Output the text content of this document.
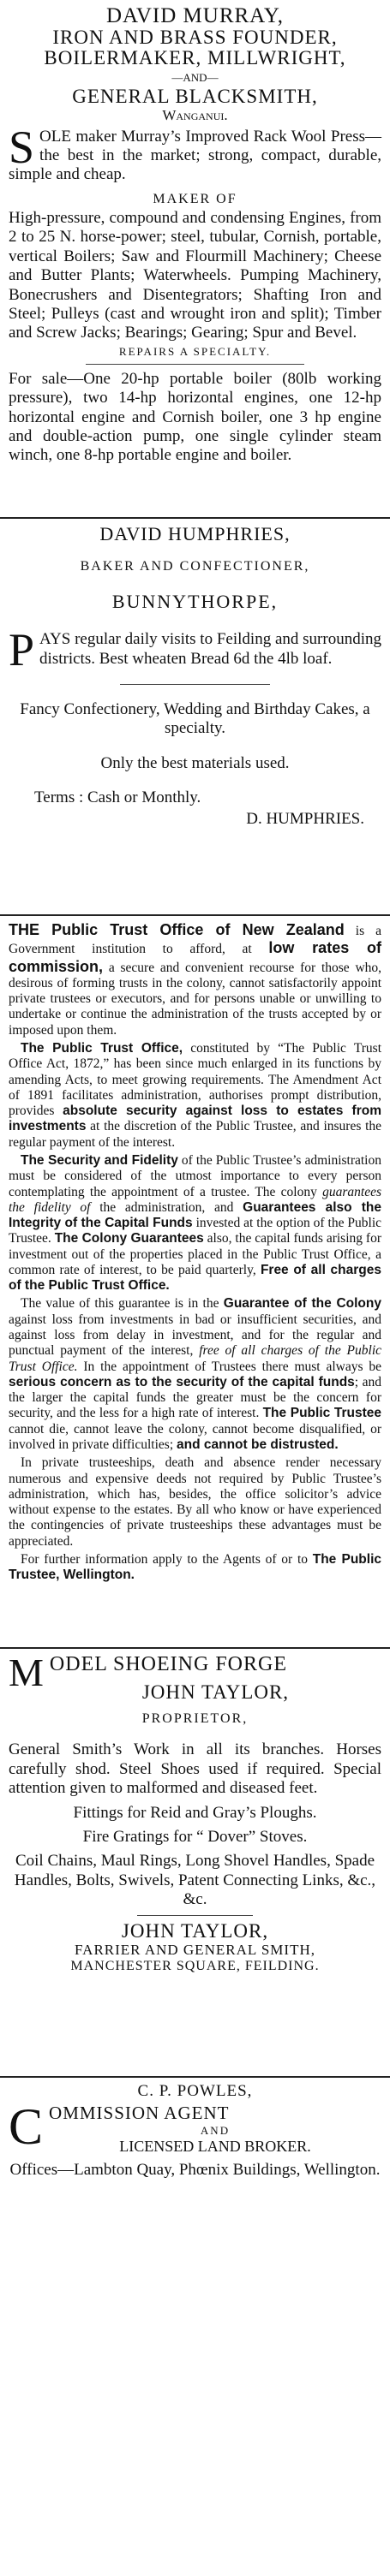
DAVID MURRAY,
IRON AND BRASS FOUNDER,
BOILERMAKER, MILLWRIGHT,
—AND—
GENERAL BLACKSMITH,
Wanganui.
SOLE maker Murray’s Improved Rack Wool Press—the best in the market; strong, compact, durable, simple and cheap.
MAKER OF
High-pressure, compound and condensing Engines, from 2 to 25 N. horse-power; steel, tubular, Cornish, portable, vertical Boilers; Saw and Flourmill Machinery; Cheese and Butter Plants; Waterwheels. Pumping Machinery, Bonecrushers and Disentegrators; Shafting Iron and Steel; Pulleys (cast and wrought iron and split); Timber and Screw Jacks; Bearings; Gearing; Spur and Bevel.
REPAIRS A SPECIALTY.
For sale—One 20-hp portable boiler (80lb working pressure), two 14-hp horizontal engines, one 12-hp horizontal engine and Cornish boiler, one 3 hp engine and double-action pump, one single cylinder steam winch, one 8-hp portable engine and boiler.
DAVID HUMPHRIES,
BAKER AND CONFECTIONER,
BUNNYTHORPE,
PAYS regular daily visits to Feilding and surrounding districts. Best wheaten Bread 6d the 4lb loaf.
Fancy Confectionery, Wedding and Birthday Cakes, a specialty.
Only the best materials used.
Terms : Cash or Monthly.
D. HUMPHRIES.

THE Public Trust Office of New Zealand is a Government institution to afford, at low rates of commission, a secure and convenient recourse for those who, desirous of forming trusts in the colony, cannot satisfactorily appoint private trustees or executors, and for persons unable or unwilling to undertake or continue the administration of the trusts accepted by or imposed upon them.

The Public Trust Office, constituted by “The Public Trust Office Act, 1872,” has been since much enlarged in its functions by amending Acts, to meet growing requirements. The Amendment Act of 1891 facilitates administration, authorises prompt distribution, provides absolute security against loss to estates from investments at the discretion of the Public Trustee, and insures the regular payment of the interest.

The Security and Fidelity of the Public Trustee’s administration must be considered of the utmost importance to every person contemplating the appointment of a trustee. The colony guarantees the fidelity of the administration, and Guarantees also the Integrity of the Capital Funds invested at the option of the Public Trustee. The Colony Guarantees also, the capital funds arising for investment out of the properties placed in the Public Trust Office, a common rate of interest, to be paid quarterly, Free of all charges of the Public Trust Office.

The value of this guarantee is in the Guarantee of the Colony against loss from investments in bad or insufficient securities, and against loss from delay in investment, and for the regular and punctual payment of the interest, free of all charges of the Public Trust Office. In the appointment of Trustees there must always be serious concern as to the security of the capital funds; and the larger the capital funds the greater must be the concern for security, and the less for a high rate of interest. The Public Trustee cannot die, cannot leave the colony, cannot become disqualified, or involved in private difficulties; and cannot be distrusted.

In private trusteeships, death and absence render necessary numerous and expensive deeds not required by Public Trustee’s administration, which has, besides, the office solicitor’s advice without expense to the estates. By all who know or have experienced the contingencies of private trusteeships these advantages must be appreciated.

For further information apply to the Agents of or to The Public Trustee, Wellington.

MODEL SHOEING FORGE
JOHN TAYLOR,
PROPRIETOR,
General Smith’s Work in all its branches. Horses carefully shod. Steel Shoes used if required. Special attention given to malformed and diseased feet.
Fittings for Reid and Gray’s Ploughs.
Fire Gratings for “ Dover” Stoves.
Coil Chains, Maul Rings, Long Shovel Handles, Spade Handles, Bolts, Swivels, Patent Connecting Links, &c., &c.
JOHN TAYLOR,
FARRIER AND GENERAL SMITH,
MANCHESTER SQUARE, FEILDING.
C. P. POWLES,
COMMISSION AGENT
AND
LICENSED LAND BROKER.
Offices—Lambton Quay, Phœnix Buildings, Wellington.
